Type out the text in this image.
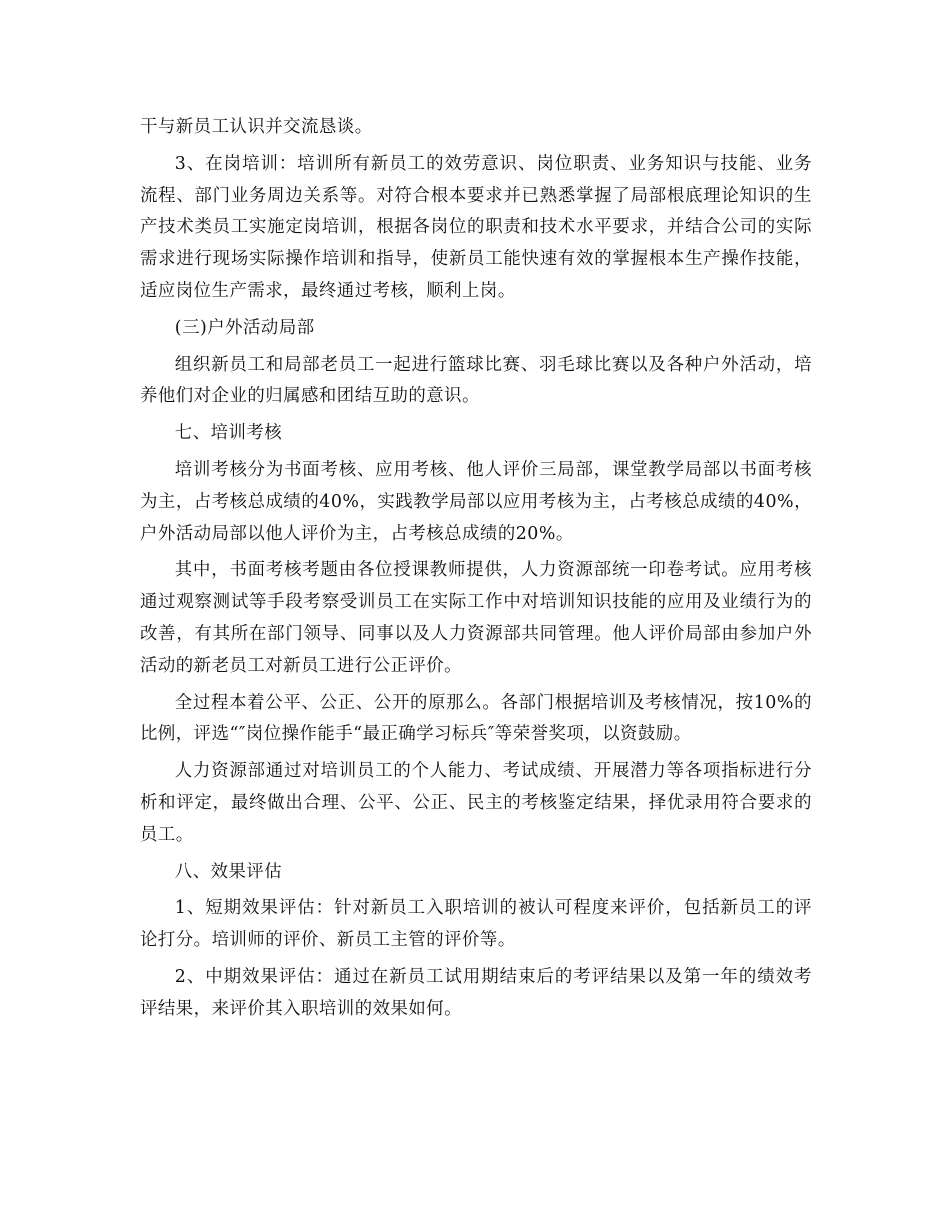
干与新员工认识并交流恳谈。

3、在岗培训：培训所有新员工的效劳意识、岗位职责、业务知识与技能、业务流程、部门业务周边关系等。对符合根本要求并已熟悉掌握了局部根底理论知识的生产技术类员工实施定岗培训，根据各岗位的职责和技术水平要求，并结合公司的实际需求进行现场实际操作培训和指导，使新员工能快速有效的掌握根本生产操作技能，适应岗位生产需求，最终通过考核，顺利上岗。

(三)户外活动局部

组织新员工和局部老员工一起进行篮球比赛、羽毛球比赛以及各种户外活动，培养他们对企业的归属感和团结互助的意识。

七、培训考核

培训考核分为书面考核、应用考核、他人评价三局部，课堂教学局部以书面考核为主，占考核总成绩的40%，实践教学局部以应用考核为主，占考核总成绩的40%，户外活动局部以他人评价为主，占考核总成绩的20%。

其中，书面考核考题由各位授课教师提供，人力资源部统一印卷考试。应用考核通过观察测试等手段考察受训员工在实际工作中对培训知识技能的应用及业绩行为的改善，有其所在部门领导、同事以及人力资源部共同管理。他人评价局部由参加户外活动的新老员工对新员工进行公正评价。

全过程本着公平、公正、公开的原那么。各部门根据培训及考核情况，按10%的比例，评选“″岗位操作能手“最正确学习标兵″等荣誉奖项，以资鼓励。

人力资源部通过对培训员工的个人能力、考试成绩、开展潜力等各项指标进行分析和评定，最终做出合理、公平、公正、民主的考核鉴定结果，择优录用符合要求的员工。

八、效果评估

1、短期效果评估：针对新员工入职培训的被认可程度来评价，包括新员工的评论打分。培训师的评价、新员工主管的评价等。

2、中期效果评估：通过在新员工试用期结束后的考评结果以及第一年的绩效考评结果，来评价其入职培训的效果如何。
